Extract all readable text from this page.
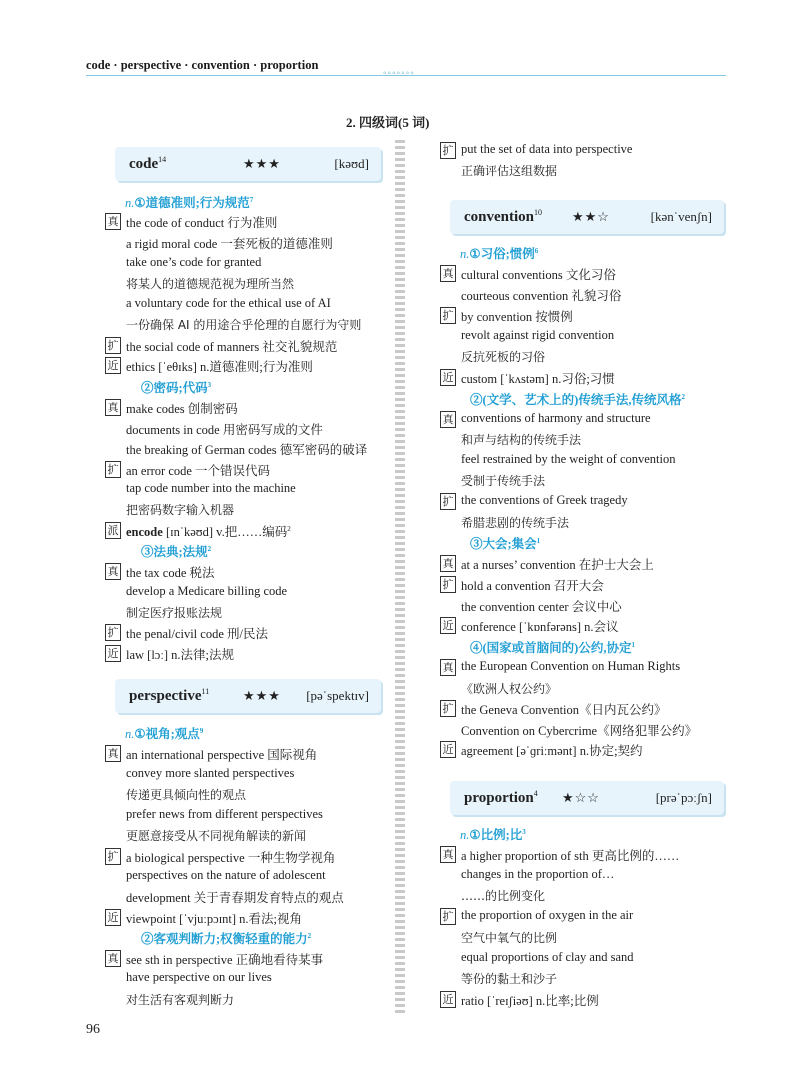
code · perspective · convention · proportion
◦◦◦◦◦◦◦
2. 四级词(5 词)
code$^{14}$	★★★	[kəʊd]
n.①道德准则;行为规范$^7$
真 the code of conduct 行为准则
a rigid moral code 一套死板的道德准则
take one’s code for granted
将某人的道德规范视为理所当然
a voluntary code for the ethical use of AI
一份确保 AI 的用途合乎伦理的自愿行为守则
扩 the social code of manners 社交礼貌规范
近 ethics [ˈeθɪks] n.道德准则;行为准则
②密码;代码$^3$
真 make codes 创制密码
documents in code 用密码写成的文件
the breaking of German codes 德军密码的破译
扩 an error code 一个错误代码
tap code number into the machine
把密码数字输入机器
派 encode [ɪnˈkəʊd] v.把……编码$^2$
③法典;法规$^2$
真 the tax code 税法
develop a Medicare billing code
制定医疗报账法规
扩 the penal/civil code 刑/民法
近 law [lɔː] n.法律;法规
perspective$^{11}$	★★★ [pəˈspektɪv]
n.①视角;观点$^9$
真 an international perspective 国际视角
convey more slanted perspectives
传递更具倾向性的观点
prefer news from different perspectives
更愿意接受从不同视角解读的新闻
扩 a biological perspective 一种生物学视角
perspectives on the nature of adolescent
development 关于青春期发育特点的观点
近 viewpoint [ˈvjuːpɔɪnt] n.看法;视角
②客观判断力;权衡轻重的能力$^2$
真 see sth in perspective 正确地看待某事
have perspective on our lives
对生活有客观判断力
扩 put the set of data into perspective
正确评估这组数据
convention$^{10}$ ★★☆	[kənˈvenʃn]
n.①习俗;惯例$^6$
真 cultural conventions 文化习俗
courteous convention 礼貌习俗
扩 by convention 按惯例
revolt against rigid convention
反抗死板的习俗
近 custom [ˈkʌstəm] n.习俗;习惯
②(文学、艺术上的)传统手法,传统风格$^2$
真 conventions of harmony and structure
和声与结构的传统手法
feel restrained by the weight of convention
受制于传统手法
扩 the conventions of Greek tragedy
希腊悲剧的传统手法
③大会;集会$^1$
真 at a nurses’ convention 在护士大会上
扩 hold a convention 召开大会
the convention center 会议中心
近 conference [ˈkɒnfərəns] n.会议
④(国家或首脑间的)公约,协定$^1$
真 the European Convention on Human Rights
《欧洲人权公约》
扩 the Geneva Convention《日内瓦公约》
Convention on Cybercrime《网络犯罪公约》
近 agreement [əˈɡriːmənt] n.协定;契约
proportion$^4$ ★☆☆	[prəˈpɔːʃn]
n.①比例;比$^3$
真 a higher proportion of sth 更高比例的……
changes in the proportion of…
……的比例变化
扩 the proportion of oxygen in the air
空气中氧气的比例
equal proportions of clay and sand
等份的黏土和沙子
近 ratio [ˈreɪʃiəʊ] n.比率;比例
96
